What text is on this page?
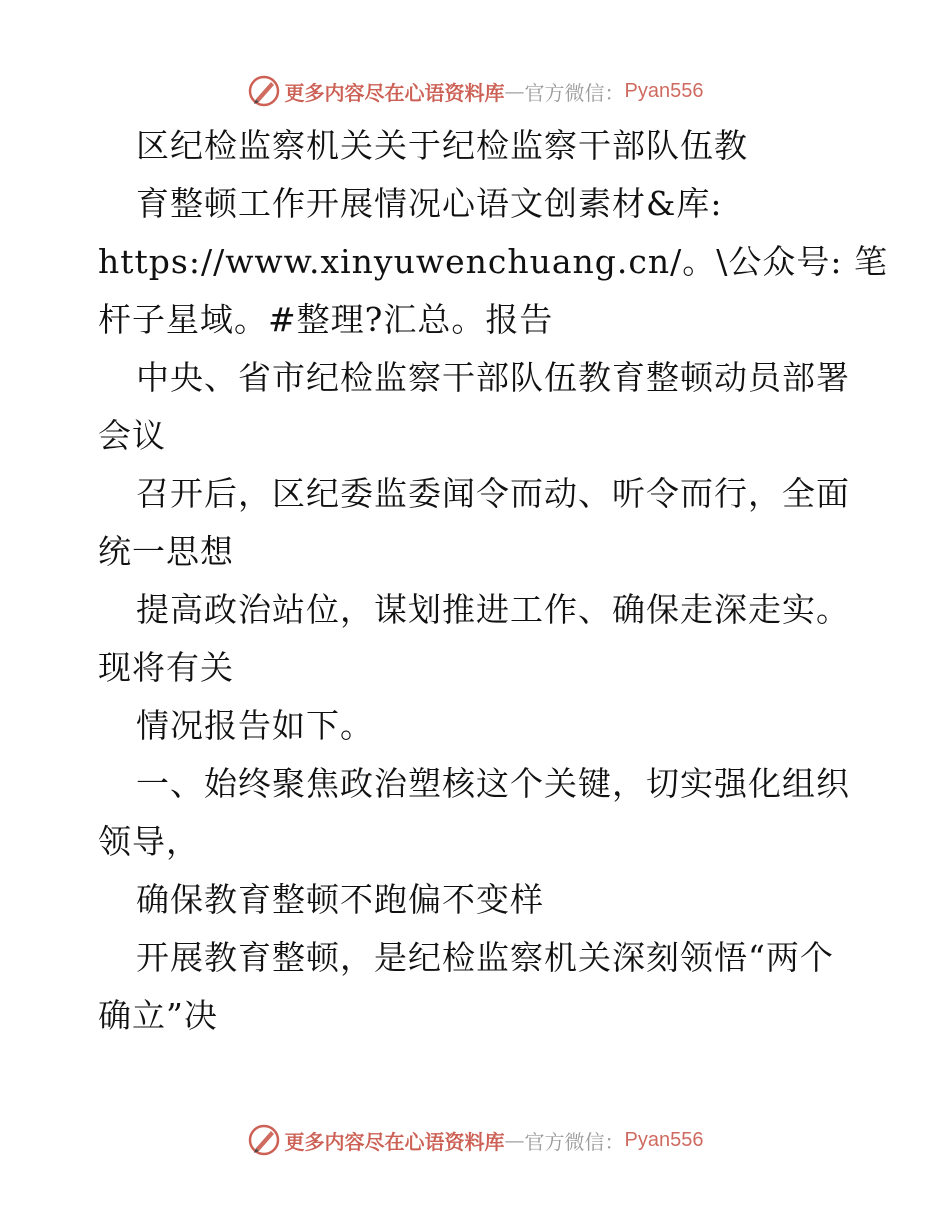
更多内容尽在心语资料库 — 官方微信： Pyan556
区纪检监察机关关于纪检监察干部队伍教
育整顿工作开展情况心语文创素材&库:
https://www.xinyuwenchuang.cn/。\公众号: 笔
杆子星域。#整理?汇总。报告
中央、省市纪检监察干部队伍教育整顿动员部署
会议
召开后，区纪委监委闻令而动、听令而行，全面
统一思想
提高政治站位，谋划推进工作、确保走深走实。
现将有关
情况报告如下。
一、始终聚焦政治塑核这个关键，切实强化组织
领导，
确保教育整顿不跑偏不变样
开展教育整顿，是纪检监察机关深刻领悟“两个
确立”决
更多内容尽在心语资料库 — 官方微信： Pyan556
